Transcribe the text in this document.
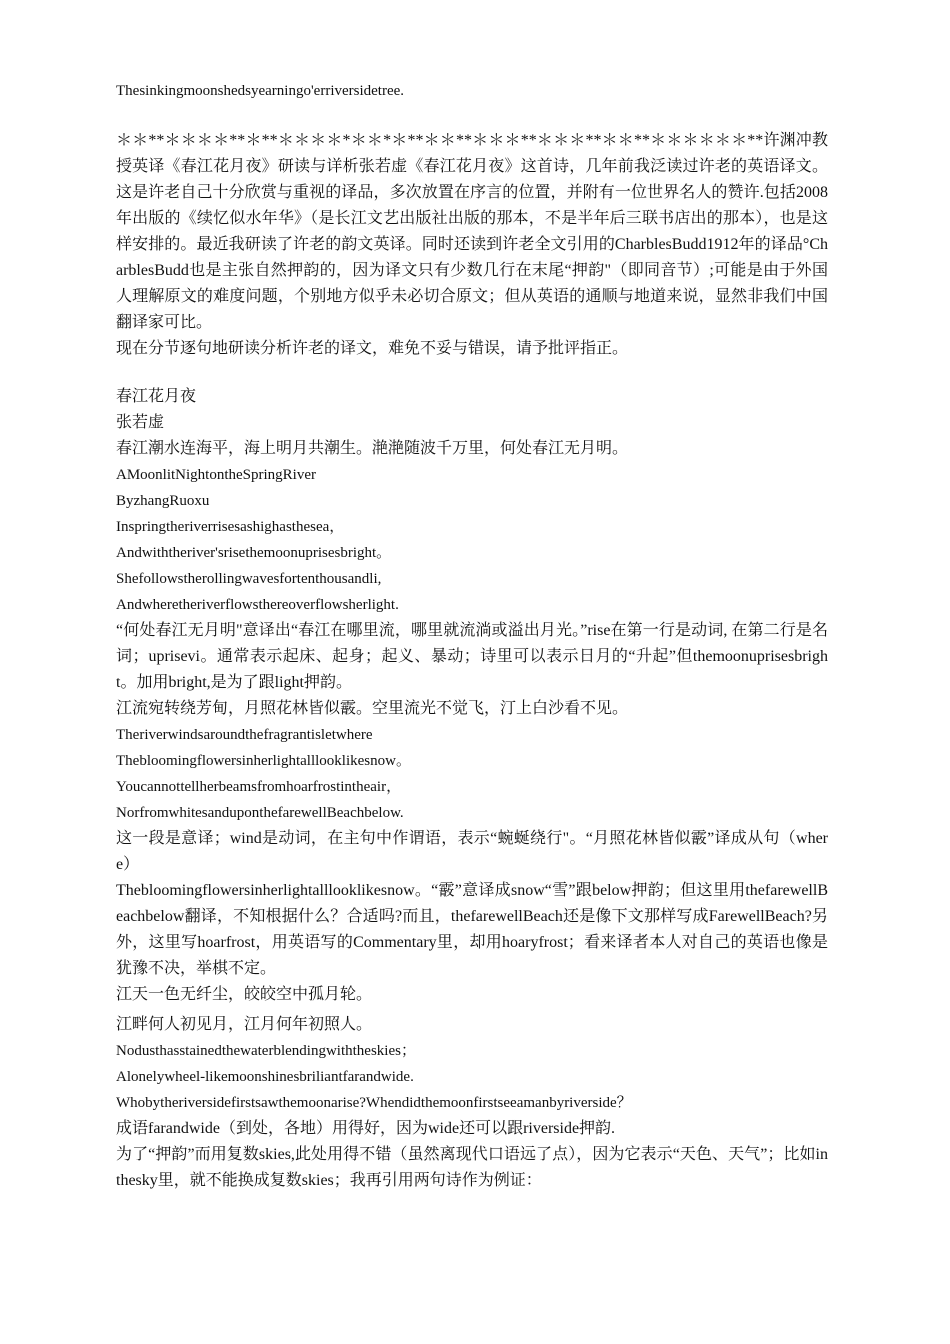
Thesinkingmoonshedsyearningo'erriversidetree.
＊＊**＊＊＊＊**＊**＊＊＊＊*＊＊*＊**＊＊**＊＊＊**＊＊＊**＊＊**＊＊＊＊＊＊**许渊冲教授英译《春江花月夜》研读与详析张若虚《春江花月夜》这首诗，几年前我泛读过许老的英语译文。这是许老自己十分欣赏与重视的译品，多次放置在序言的位置，并附有一位世界名人的赞许.包括2008年出版的《续忆似水年华》（是长江文艺出版社出版的那本，不是半年后三联书店出的那本），也是这样安排的。最近我研读了许老的韵文英译。同时还读到许老全文引用的CharblesBudd1912年的译品°CharblesBudd也是主张自然押韵的，因为译文只有少数几行在末尾“押韵"（即同音节）;可能是由于外国人理解原文的难度问题，个别地方似乎未必切合原文；但从英语的通顺与地道来说，显然非我们中国翻译家可比。
现在分节逐句地研读分析许老的译文，难免不妥与错误，请予批评指正。
春江花月夜
张若虚
春江潮水连海平，海上明月共潮生。滟滟随波千万里，何处春江无月明。
AMoonlitNightontheSpringRiver
ByzhangRuoxu
Inspringtheriverrisesashighasthesea，
Andwiththeriver'srisethemoonuprisesbright。
Shefollowstherollingwavesfortenthousandli,
Andwheretheriverflowsthereoverflowsherlight.
“何处春江无月明"意译出“春江在哪里流，哪里就流淌或溢出月光。”rise在第一行是动词, 在第二行是名词；uprisevi。通常表示起床、起身；起义、暴动；诗里可以表示日月的“升起”但themoonuprisesbright。加用bright,是为了跟light押韵。
江流宛转绕芳甸，月照花林皆似霰。空里流光不觉飞，汀上白沙看不见。
Theriverwindsaroundthefragrantisletwhere
Thebloomingflowersinherlightalllooklikesnow。
Youcannottellherbeamsfromhoarfrostintheair，
NorfromwhitesanduponthefarewellBeachbelow.
这一段是意译；wind是动词，在主句中作谓语，表示“蜿蜒绕行"。“月照花林皆似霰”译成从句（where）
Thebloomingflowersinherlightalllooklikesnow。“霰”意译成snow“雪”跟below押韵；但这里用thefarewellBeachbelow翻译，不知根据什么？合适吗?而且，thefarewellBeach还是像下文那样写成FarewellBeach?另外，这里写hoarfrost，用英语写的Commentary里，却用hoaryfrost；看来译者本人对自己的英语也像是犹豫不决，举棋不定。
江天一色无纤尘，皎皎空中孤月轮。
江畔何人初见月，江月何年初照人。
Nodusthasstainedthewaterblendingwiththeskies；
Alonelywheel-likemoonshinesbriliantfarandwide.
Whobytheriversidefirstsawthemoonarise?Whendidthemoonfirstseeamanbyriverside？
成语farandwide（到处，各地）用得好，因为wide还可以跟riverside押韵.
为了“押韵”而用复数skies,此处用得不错（虽然离现代口语远了点），因为它表示“天色、天气”；比如inthesky里，就不能换成复数skies；我再引用两句诗作为例证：
